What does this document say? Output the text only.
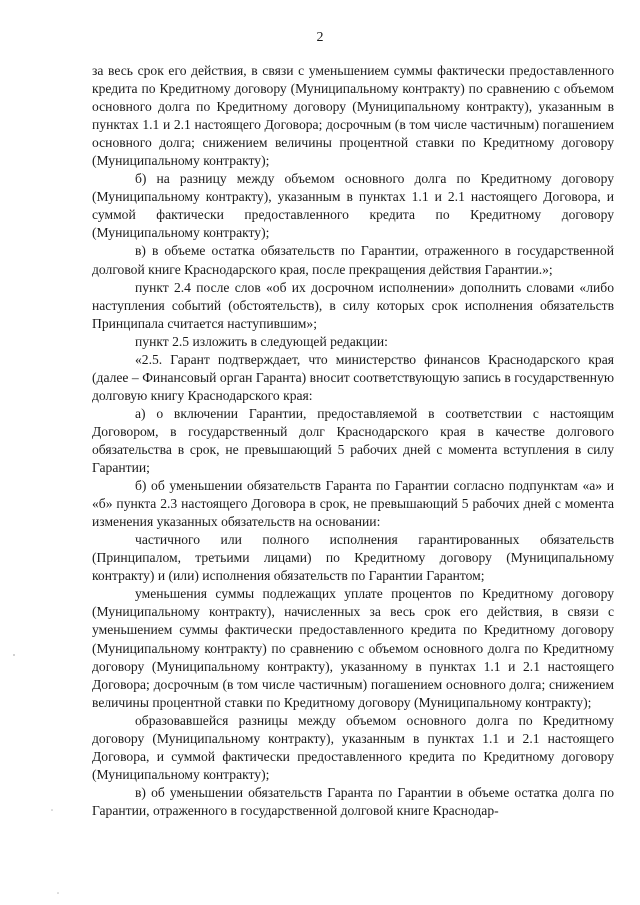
2

за весь срок его действия, в связи с уменьшением суммы фактически предоставленного кредита по Кредитному договору (Муниципальному контракту) по сравнению с объемом основного долга по Кредитному договору (Муниципальному контракту), указанным в пунктах 1.1 и 2.1 настоящего Договора; досрочным (в том числе частичным) погашением основного долга; снижением величины процентной ставки по Кредитному договору (Муниципальному контракту);

б) на разницу между объемом основного долга по Кредитному договору (Муниципальному контракту), указанным в пунктах 1.1 и 2.1 настоящего Договора, и суммой фактически предоставленного кредита по Кредитному договору (Муниципальному контракту);

в) в объеме остатка обязательств по Гарантии, отраженного в государственной долговой книге Краснодарского края, после прекращения действия Гарантии.»;

пункт 2.4 после слов «об их досрочном исполнении» дополнить словами «либо наступления событий (обстоятельств), в силу которых срок исполнения обязательств Принципала считается наступившим»;

пункт 2.5 изложить в следующей редакции:

«2.5. Гарант подтверждает, что министерство финансов Краснодарского края (далее – Финансовый орган Гаранта) вносит соответствующую запись в государственную долговую книгу Краснодарского края:

а) о включении Гарантии, предоставляемой в соответствии с настоящим Договором, в государственный долг Краснодарского края в качестве долгового обязательства в срок, не превышающий 5 рабочих дней с момента вступления в силу Гарантии;

б) об уменьшении обязательств Гаранта по Гарантии согласно подпунктам «а» и «б» пункта 2.3 настоящего Договора в срок, не превышающий 5 рабочих дней с момента изменения указанных обязательств на основании:

частичного или полного исполнения гарантированных обязательств (Принципалом, третьими лицами) по Кредитному договору (Муниципальному контракту) и (или) исполнения обязательств по Гарантии Гарантом;

уменьшения суммы подлежащих уплате процентов по Кредитному договору (Муниципальному контракту), начисленных за весь срок его действия, в связи с уменьшением суммы фактически предоставленного кредита по Кредитному договору (Муниципальному контракту) по сравнению с объемом основного долга по Кредитному договору (Муниципальному контракту), указанному в пунктах 1.1 и 2.1 настоящего Договора; досрочным (в том числе частичным) погашением основного долга; снижением величины процентной ставки по Кредитному договору (Муниципальному контракту);

образовавшейся разницы между объемом основного долга по Кредитному договору (Муниципальному контракту), указанным в пунктах 1.1 и 2.1 настоящего Договора, и суммой фактически предоставленного кредита по Кредитному договору (Муниципальному контракту);

в) об уменьшении обязательств Гаранта по Гарантии в объеме остатка долга по Гарантии, отраженного в государственной долговой книге Краснодар-
